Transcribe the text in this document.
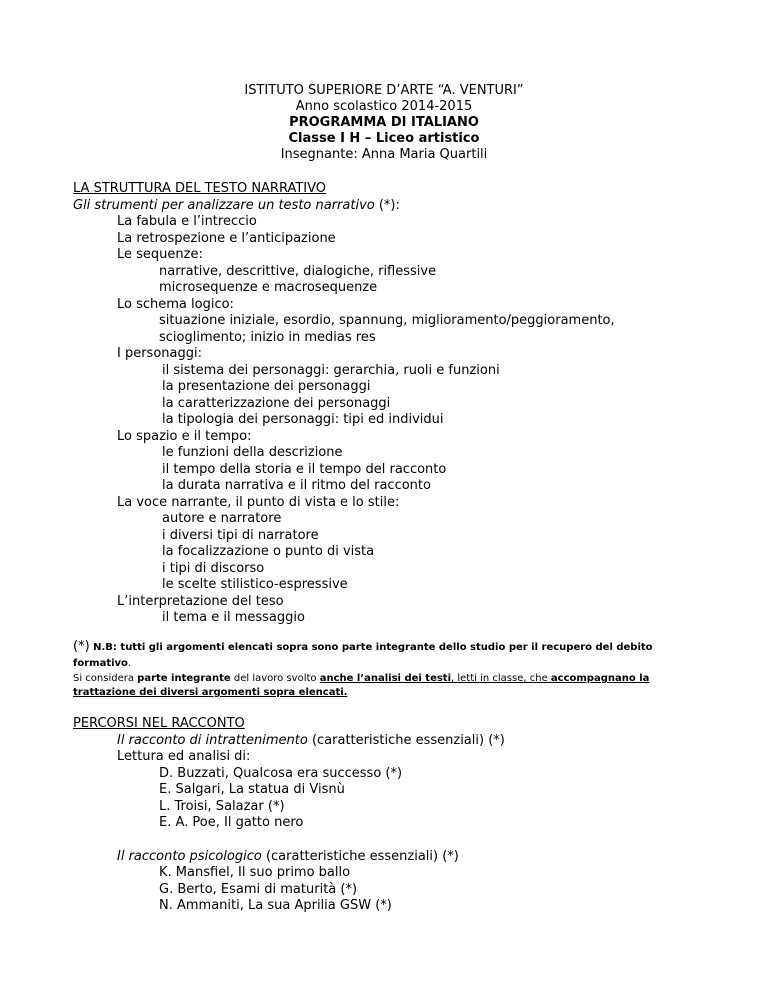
ISTITUTO SUPERIORE D’ARTE “A. VENTURI”
Anno scolastico 2014-2015
PROGRAMMA DI ITALIANO
Classe I H – Liceo artistico
Insegnante: Anna Maria Quartili
LA STRUTTURA DEL TESTO NARRATIVO
Gli strumenti per analizzare un testo narrativo (*):
La fabula e l’intreccio
La retrospezione e l’anticipazione
Le sequenze:
narrative, descrittive, dialogiche, riflessive
microsequenze e macrosequenze
Lo schema logico:
situazione iniziale, esordio, spannung, miglioramento/peggioramento,
scioglimento; inizio in medias res
I personaggi:
il sistema dei personaggi: gerarchia, ruoli e funzioni
la presentazione dei personaggi
la caratterizzazione dei personaggi
la tipologia dei personaggi: tipi ed individui
Lo spazio e il tempo:
le funzioni della descrizione
il tempo della storia e il tempo del racconto
la durata narrativa e il ritmo del racconto
La voce narrante, il punto di vista e lo stile:
autore e narratore
i diversi tipi di narratore
la focalizzazione o punto di vista
i tipi di discorso
le scelte stilistico-espressive
L’interpretazione del teso
il tema e il messaggio
(*) N.B: tutti gli argomenti elencati sopra sono parte integrante dello studio per il recupero del debito
formativo.
Si considera parte integrante del lavoro svolto anche l’analisi dei testi, letti in classe, che accompagnano la
trattazione dei diversi argomenti sopra elencati.
PERCORSI NEL RACCONTO
Il racconto di intrattenimento (caratteristiche essenziali) (*)
Lettura ed analisi di:
D. Buzzati, Qualcosa era successo (*)
E. Salgari, La statua di Visnù
L. Troisi, Salazar (*)
E. A. Poe, Il gatto nero
Il racconto psicologico (caratteristiche essenziali) (*)
K. Mansfiel, Il suo primo ballo
G. Berto, Esami di maturità (*)
N. Ammaniti, La sua Aprilia GSW (*)
